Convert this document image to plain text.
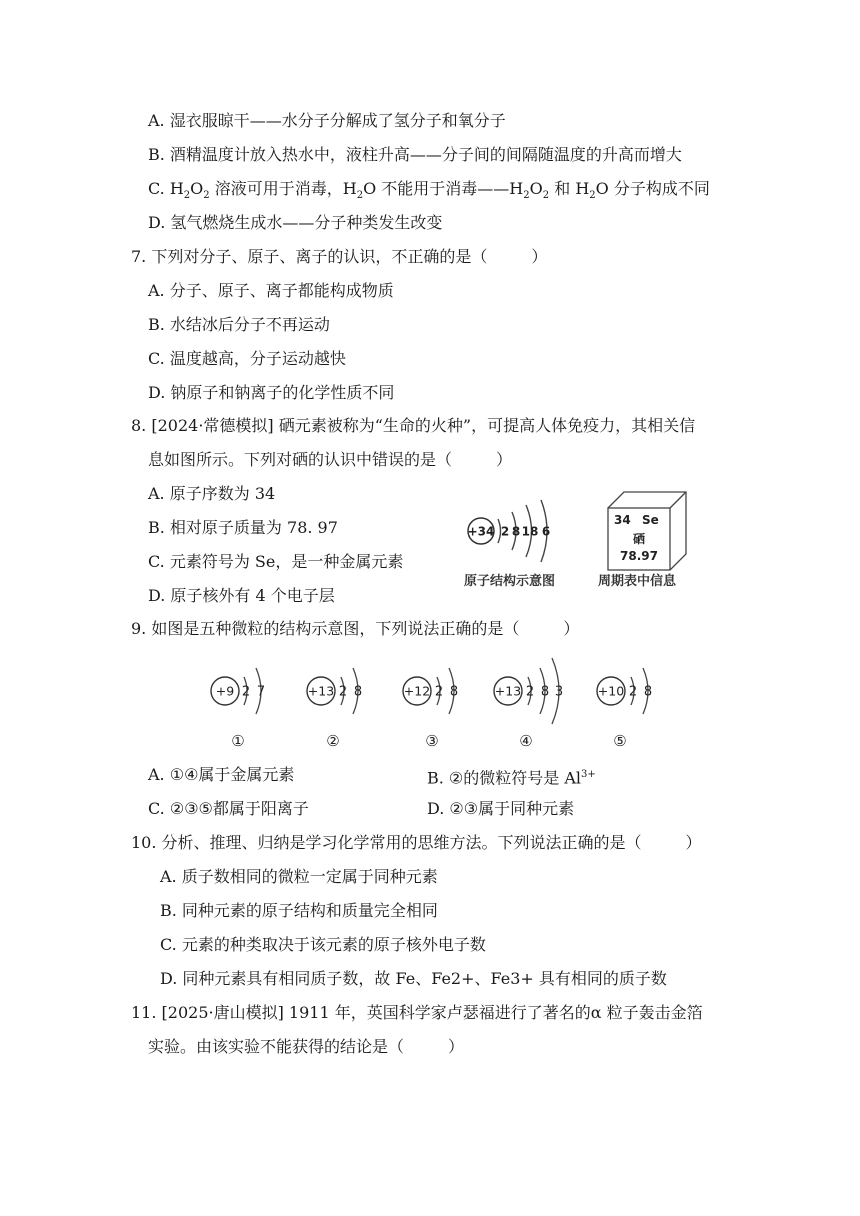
A. 湿衣服晾干——水分子分解成了氢分子和氧分子
B. 酒精温度计放入热水中，液柱升高——分子间的间隔随温度的升高而增大
C. $H_2O_2$ 溶液可用于消毒，$H_2O$ 不能用于消毒$——H_2O_2$ 和 $H_2O$ 分子构成不同
D. 氢气燃烧生成水——分子种类发生改变
7. 下列对分子、原子、离子的认识，不正确的是（	）
A. 分子、原子、离子都能构成物质
B. 水结冰后分子不再运动
C. 温度越高，分子运动越快
D. 钠原子和钠离子的化学性质不同
8. [2024·常德模拟] 硒元素被称为“生命的火种”，可提高人体免疫力，其相关信
息如图所示。下列对硒的认识中错误的是（	）
A. 原子序数为 34
B. 相对原子质量为 78. 97
C. 元素符号为 Se，是一种金属元素
D. 原子核外有 4 个电子层
+34 2 8 18 6
原子结构示意图
34 Se
硒
78.97
周期表中信息
9. 如图是五种微粒的结构示意图，下列说法正确的是（	）
+9 2 7
①
+13 2 8
②
+12 2 8
③
+13 2 8 3
④
+10 2 8
⑤
A. ①④属于金属元素	B. ②的微粒符号是 $Al^{3+}$
C. ②③⑤都属于阳离子	D. ②③属于同种元素
10. 分析、推理、归纳是学习化学常用的思维方法。下列说法正确的是（	）
A. 质子数相同的微粒一定属于同种元素
B. 同种元素的原子结构和质量完全相同
C. 元素的种类取决于该元素的原子核外电子数
D. 同种元素具有相同质子数，故 Fe、Fe2+、Fe3+ 具有相同的质子数
11. [2025·唐山模拟] 1911 年，英国科学家卢瑟福进行了著名的α 粒子轰击金箔
实验。由该实验不能获得的结论是（	）
